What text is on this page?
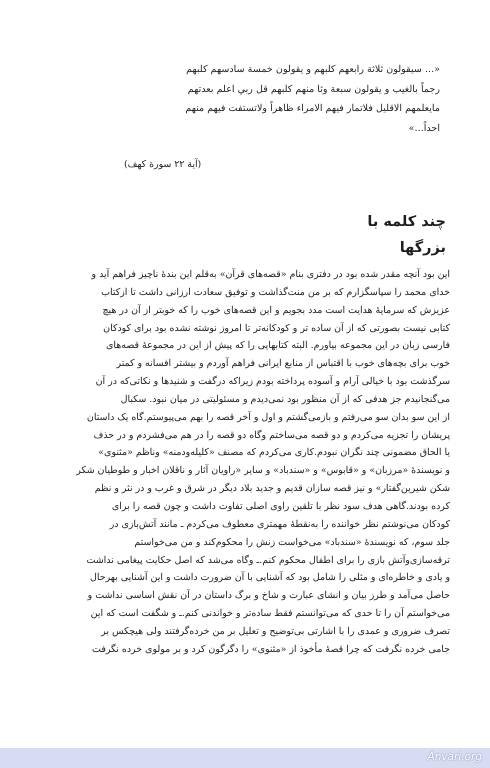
«... سيقولون ثلاثة رابعهم كلبهم و يقولون خمسة سادسهم كلبهم
رجماً بالغيب و يقولون سبعة وثا منهم كلبهم قل ربي اعلم بعدتهم
مايعلمهم الاقليل فلاتمار فيهم الامراء ظاهراً ولاتستفت فيهم منهم
احداً...»
(آية ۲۲ سورة كهف)
چند کلمه با بزرگها
این بود آنچه مقدر شده بود در دفتری بنام «قصه‌های قرآن» بەقلم این بندهٔ ناچیز فراهم آید و
خدای محمد را سپاسگزارم که بر من منت‌گذاشت و توفیق سعادت ارزانی داشت تا ازکتاب
عزیزش که سرمایهٔ هدایت است مدد بجویم و این قصه‌های خوب را که خوبتر از آن در هیچ
کتابی نیست بصورتی که از آن ساده تر و کودکانه‌تر تا امروز نوشته نشده بود برای کودکان
فارسی زبان در این مجموعه بیاورم. البته کتابهایی را که پیش از این در مجموعهٔ قصه‌های
خوب برای بچه‌های خوب با اقتباس از منابع ایرانی فراهم آوردم و بیشتر افسانه و کمتر
سرگذشت بود با خیالی آرام و آسوده پرداخته بودم زیراکه درگفت و شنیدها و نکاتی‌که در آن
می‌گنجانیدم جز هدفی که از آن منظور بود نمی‌دیدم و مسئولیتی در میان نبود. سکبال
از این سو بدان سو می‌رفتم و بازمی‌گشتم و اول و آخر قصه را بهم می‌پیوستم.گاه یک داستان
پریشان را تجزیه می‌کردم و دو قصه می‌ساختم وگاه دو قصه را در هم می‌فشردم و در حذف
یا الحاق مضمونی چند نگران نبودم.کاری می‌کردم که مصنف «کلیله‌ودمنه» وناظم «مثنوی»
و نویسندهٔ «مرزبان» و «قابوس» و «سندباد» و سایر «راویان آثار و ناقلان اخبار و طوطیان شکر
شکن شیرین‌گفتار» و نیز قصه سازان قدیم و جدید بلاد دیگر در شرق و غرب و در نثر و نظم
کرده بودند.گاهی هدف سود نظر با تلقین راوی اصلی تفاوت داشت و چون قصه را برای
کودکان می‌نوشتم نظر خواننده را بەنقطهٔ مهمتری معطوف می‌کردم ـ مانند آتش‌بازی در
جلد سوم، که نویسندهٔ «سندباد» می‌خواست زنش را محکوم‌کند و من می‌خواستم
ترقه‌سازی‌وآتش بازی را برای اطفال محکوم کنم.ـ وگاه می‌شد که اصل حکایت پیغامی نداشت
و یادی و خاطره‌ای و مثلی را شامل بود که آشنایی با آن ضرورت داشت و این آشنایی بهرحال
حاصل می‌آمد و طرز بیان و انشای عبارت و شاخ و برگ داستان در آن نقش اساسی نداشت و
می‌خواستم آن را تا حدی که می‌توانستم فقط ساده‌تر و خواندنی‌ کنم.ـ و شگفت است که این
تصرف ضروری و عمدی را با اشارتی بی‌توضیح و تعلیل بر من خرده‌گرفتند ولی هیچکس بر
جامی خرده نگرفت که چرا قصهٔ مأخوذ از «مثنوی» را دگرگون کرد و بر مولوی خرده نگرفت
Anvari.org
